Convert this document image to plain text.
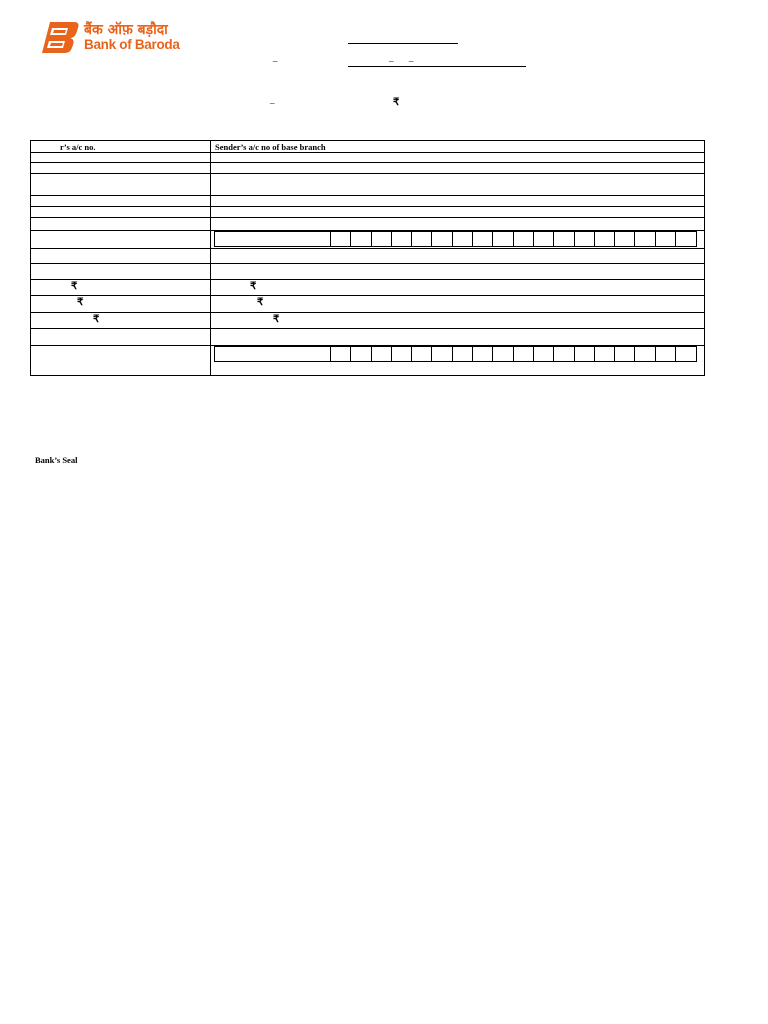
बैंक ऑफ़ बड़ौदा
Bank of Baroda
–	– –
–	₹
r’s a/c no.	Sender’s a/c no of base branch
₹	₹
₹	₹
₹	₹
Bank’s Seal
